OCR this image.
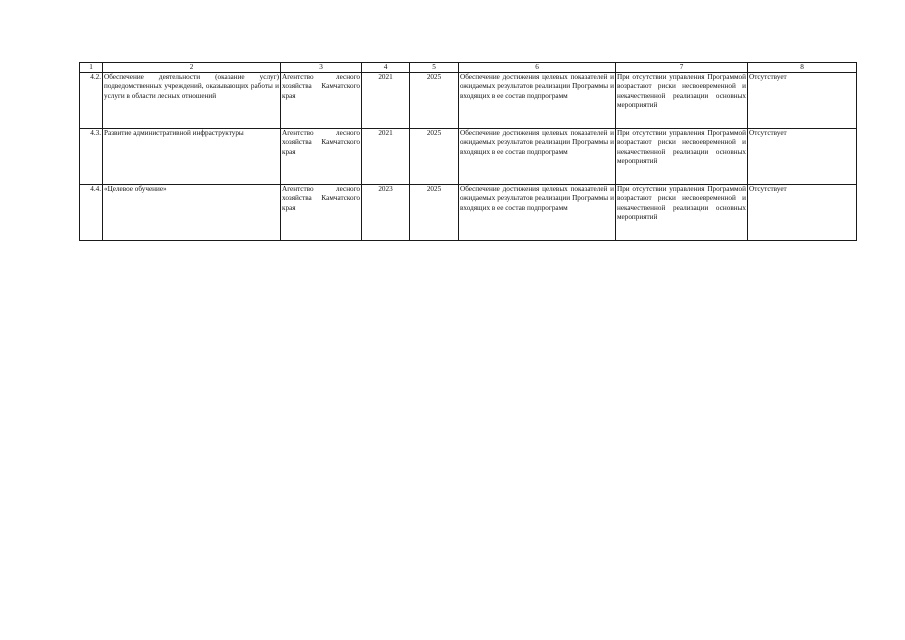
1	2	3	4	5	6	7	8
4.2.	Обеспечение деятельности (оказание услуг) подведомственных учреждений, оказывающих работы и услуги в области лесных отношений	Агентство лесного хозяйства Камчатского края	2021	2025	Обеспечение достижения целевых показателей и ожидаемых результатов реализации Программы и входящих в ее состав подпрограмм	При отсутствии управления Программой возрастают риски несвоевременной и некачественной реализации основных мероприятий	Отсутствует
4.3.	Развитие административной инфраструктуры	Агентство лесного хозяйства Камчатского края	2021	2025	Обеспечение достижения целевых показателей и ожидаемых результатов реализации Программы и входящих в ее состав подпрограмм	При отсутствии управления Программой возрастают риски несвоевременной и некачественной реализации основных мероприятий	Отсутствует
4.4.	«Целевое обучение»	Агентство лесного хозяйства Камчатского края	2023	2025	Обеспечение достижения целевых показателей и ожидаемых результатов реализации Программы и входящих в ее состав подпрограмм	При отсутствии управления Программой возрастают риски несвоевременной и некачественной реализации основных мероприятий	Отсутствует
